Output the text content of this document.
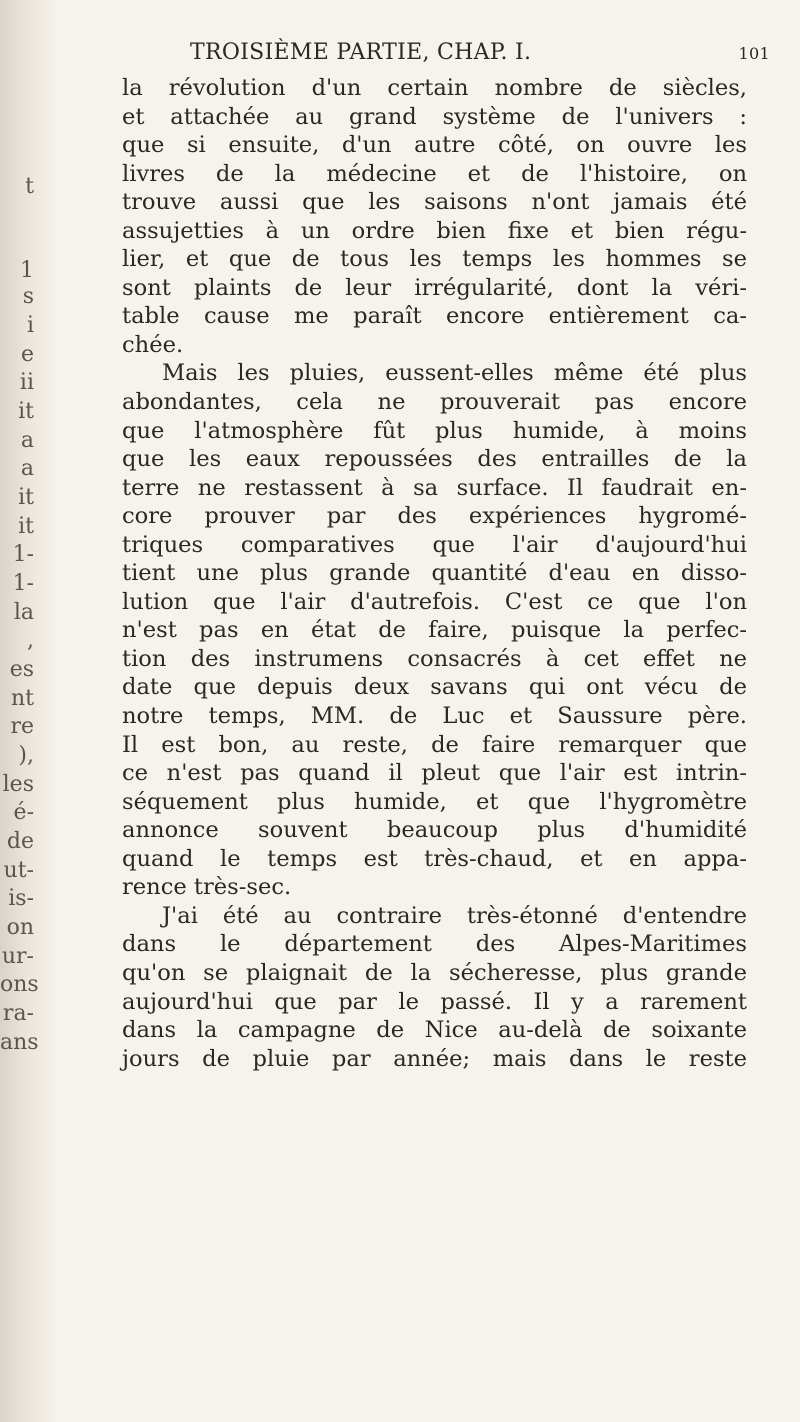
t
1
s
i
e
ii
it
a
a
it
it
1-
1-
la
,
es
nt
re
),
les
é-
de
ut-
is-
on
ur-
ons
ra-
ans
TROISIÈME PARTIE, CHAP. I.	101
la révolution d'un certain nombre de siècles,
et attachée au grand système de l'univers :
que si ensuite, d'un autre côté, on ouvre les
livres de la médecine et de l'histoire, on
trouve aussi que les saisons n'ont jamais été
assujetties à un ordre bien fixe et bien régu-
lier, et que de tous les temps les hommes se
sont plaints de leur irrégularité, dont la véri-
table cause me paraît encore entièrement ca-
chée.
Mais les pluies, eussent-elles même été plus
abondantes, cela ne prouverait pas encore
que l'atmosphère fût plus humide, à moins
que les eaux repoussées des entrailles de la
terre ne restassent à sa surface. Il faudrait en-
core prouver par des expériences hygromé-
triques comparatives que l'air d'aujourd'hui
tient une plus grande quantité d'eau en disso-
lution que l'air d'autrefois. C'est ce que l'on
n'est pas en état de faire, puisque la perfec-
tion des instrumens consacrés à cet effet ne
date que depuis deux savans qui ont vécu de
notre temps, MM. de Luc et Saussure père.
Il est bon, au reste, de faire remarquer que
ce n'est pas quand il pleut que l'air est intrin-
séquement plus humide, et que l'hygromètre
annonce souvent beaucoup plus d'humidité
quand le temps est très-chaud, et en appa-
rence très-sec.
J'ai été au contraire très-étonné d'entendre
dans le département des Alpes-Maritimes
qu'on se plaignait de la sécheresse, plus grande
aujourd'hui que par le passé. Il y a rarement
dans la campagne de Nice au-delà de soixante
jours de pluie par année; mais dans le reste
